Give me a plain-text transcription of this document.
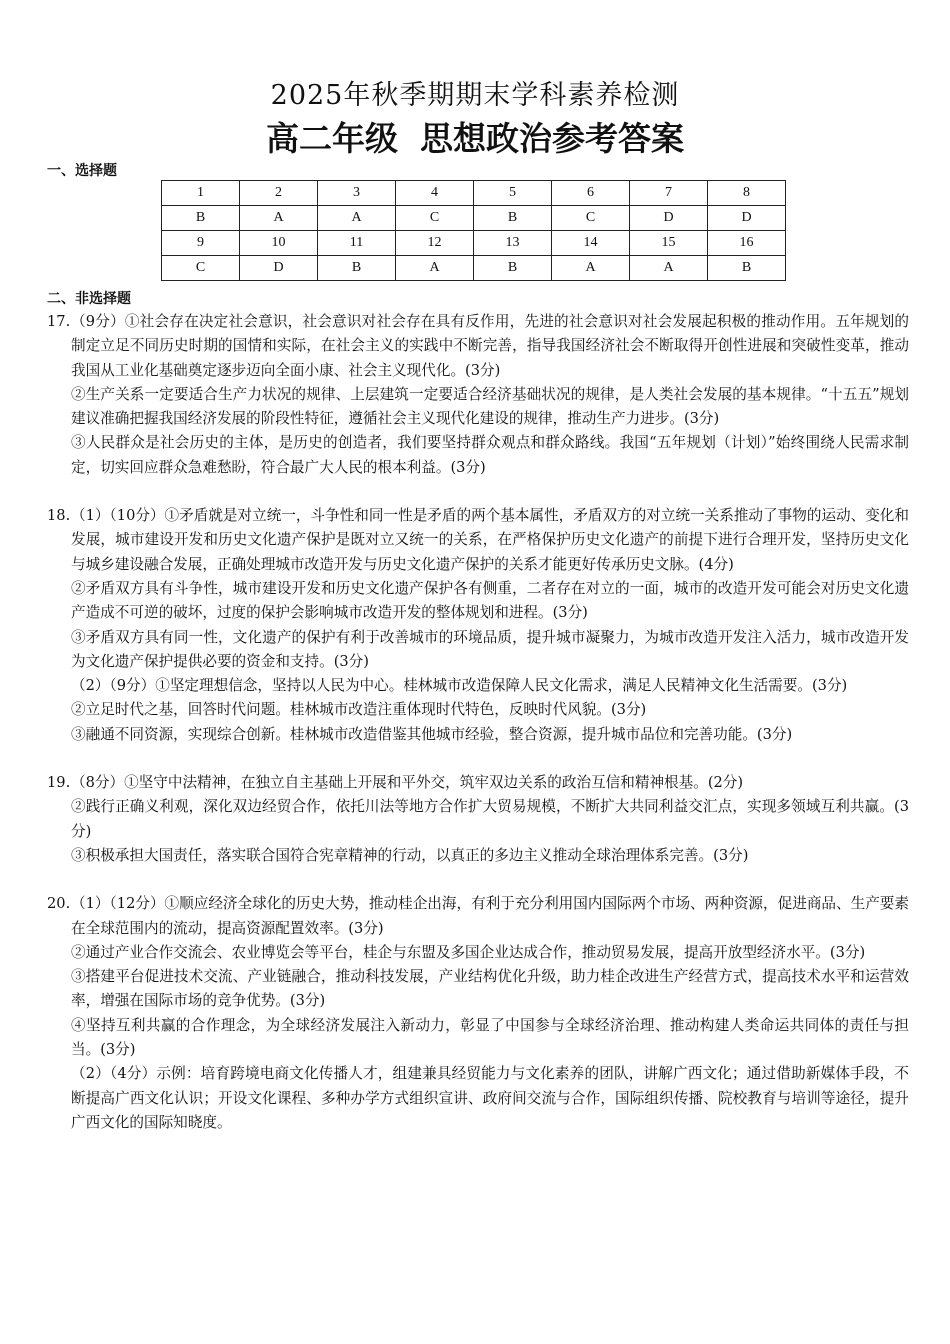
2025年秋季期期末学科素养检测
高二年级 思想政治参考答案
一、选择题
1	2	3	4	5	6	7	8
B	A	A	C	B	C	D	D
9	10	11	12	13	14	15	16
C	D	B	A	B	A	A	B
二、非选择题
17. （9分）①社会存在决定社会意识，社会意识对社会存在具有反作用，先进的社会意识对社会发展起积极的推动作用。五年规划的制定立足不同历史时期的国情和实际，在社会主义的实践中不断完善，指导我国经济社会不断取得开创性进展和突破性变革，推动我国从工业化基础奠定逐步迈向全面小康、社会主义现代化。(3分)

②生产关系一定要适合生产力状况的规律、上层建筑一定要适合经济基础状况的规律，是人类社会发展的基本规律。“十五五”规划建议准确把握我国经济发展的阶段性特征，遵循社会主义现代化建设的规律，推动生产力进步。(3分)

③人民群众是社会历史的主体，是历史的创造者，我们要坚持群众观点和群众路线。我国“五年规划（计划）”始终围绕人民需求制定，切实回应群众急难愁盼，符合最广大人民的根本利益。(3分)

18. （1）（10分）①矛盾就是对立统一，斗争性和同一性是矛盾的两个基本属性，矛盾双方的对立统一关系推动了事物的运动、变化和发展，城市建设开发和历史文化遗产保护是既对立又统一的关系，在严格保护历史文化遗产的前提下进行合理开发，坚持历史文化与城乡建设融合发展，正确处理城市改造开发与历史文化遗产保护的关系才能更好传承历史文脉。(4分)

②矛盾双方具有斗争性，城市建设开发和历史文化遗产保护各有侧重，二者存在对立的一面，城市的改造开发可能会对历史文化遗产造成不可逆的破坏，过度的保护会影响城市改造开发的整体规划和进程。(3分)

③矛盾双方具有同一性，文化遗产的保护有利于改善城市的环境品质，提升城市凝聚力，为城市改造开发注入活力，城市改造开发为文化遗产保护提供必要的资金和支持。(3分)

（2）（9分）①坚定理想信念，坚持以人民为中心。桂林城市改造保障人民文化需求，满足人民精神文化生活需要。(3分)

②立足时代之基，回答时代问题。桂林城市改造注重体现时代特色，反映时代风貌。(3分)

③融通不同资源，实现综合创新。桂林城市改造借鉴其他城市经验，整合资源，提升城市品位和完善功能。(3分)

19. （8分）①坚守中法精神，在独立自主基础上开展和平外交，筑牢双边关系的政治互信和精神根基。(2分)

②践行正确义利观，深化双边经贸合作，依托川法等地方合作扩大贸易规模，不断扩大共同利益交汇点，实现多领域互利共赢。(3分)

③积极承担大国责任，落实联合国符合宪章精神的行动，以真正的多边主义推动全球治理体系完善。(3分)

20. （1）（12分）①顺应经济全球化的历史大势，推动桂企出海，有利于充分利用国内国际两个市场、两种资源，促进商品、生产要素在全球范围内的流动，提高资源配置效率。(3分)

②通过产业合作交流会、农业博览会等平台，桂企与东盟及多国企业达成合作，推动贸易发展，提高开放型经济水平。(3分)

③搭建平台促进技术交流、产业链融合，推动科技发展，产业结构优化升级，助力桂企改进生产经营方式，提高技术水平和运营效率，增强在国际市场的竞争优势。(3分)

④坚持互利共赢的合作理念，为全球经济发展注入新动力，彰显了中国参与全球经济治理、推动构建人类命运共同体的责任与担当。(3分)

（2）（4分）示例：培育跨境电商文化传播人才，组建兼具经贸能力与文化素养的团队，讲解广西文化；通过借助新媒体手段，不断提高广西文化认识；开设文化课程、多种办学方式组织宣讲、政府间交流与合作，国际组织传播、院校教育与培训等途径，提升广西文化的国际知晓度。
